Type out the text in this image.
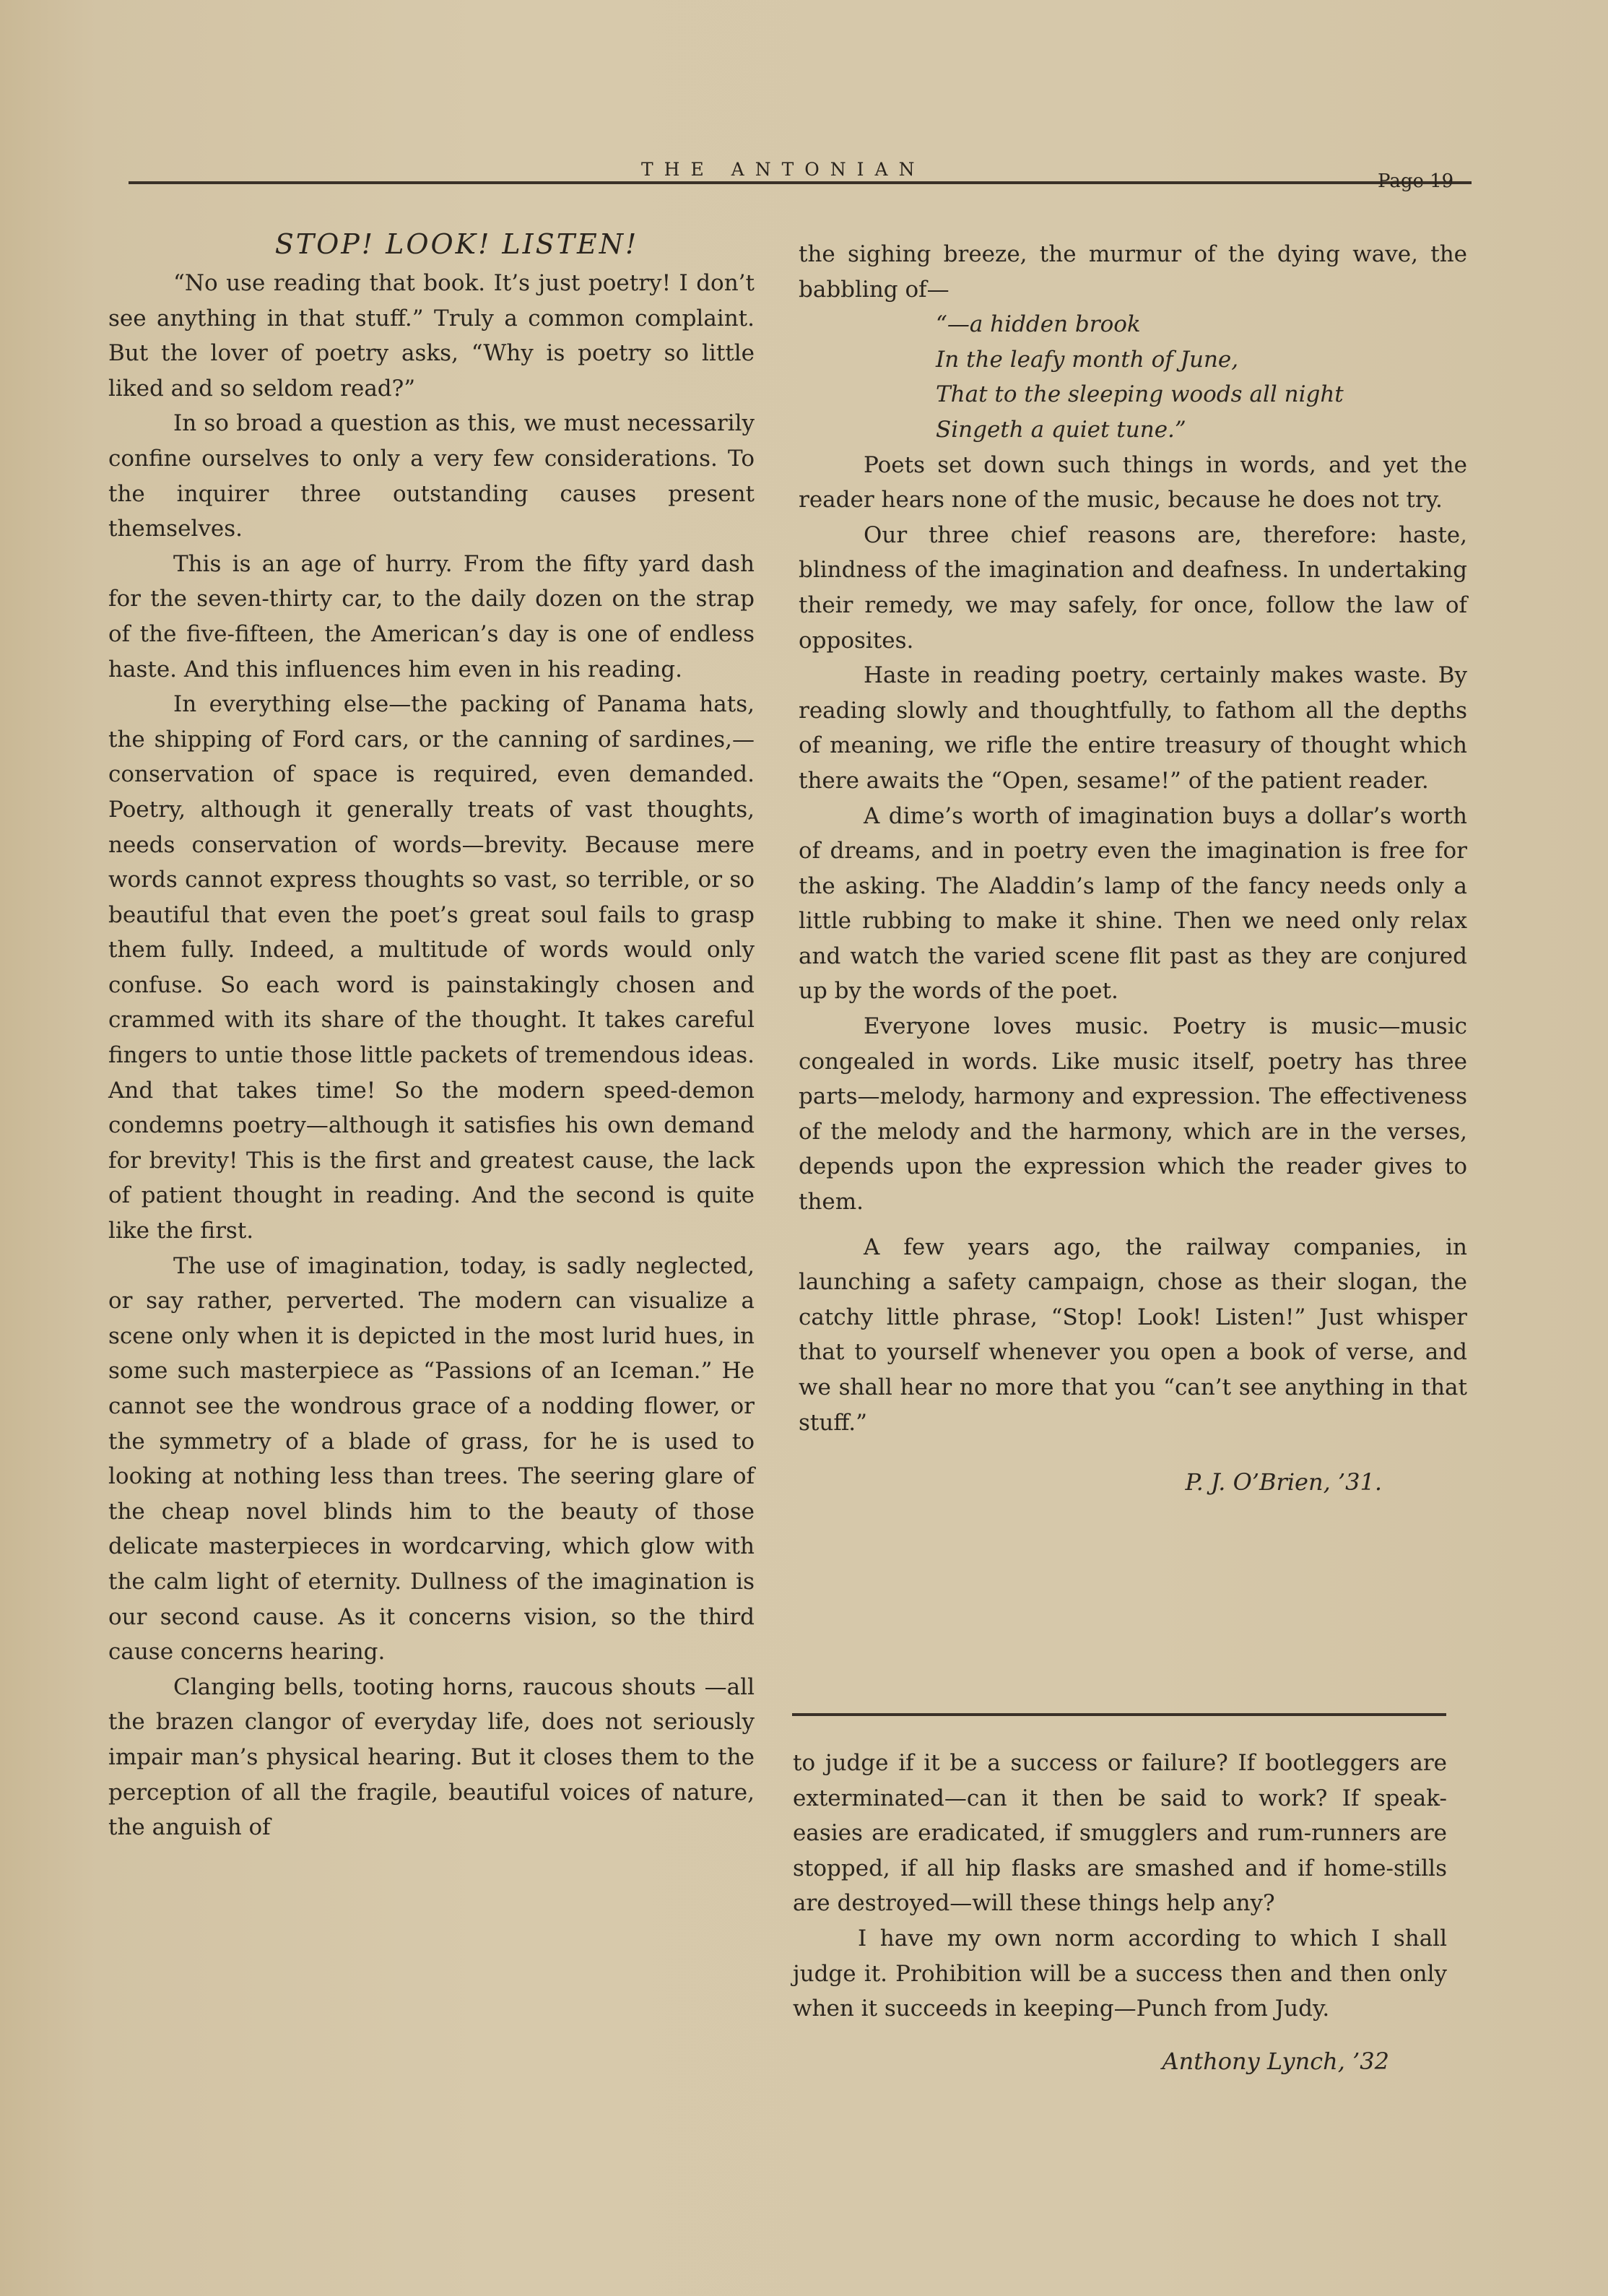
THE ANTONIAN
Page 19
STOP! LOOK! LISTEN!

“No use reading that book. It’s just poetry! I don’t see anything in that stuff.” Truly a common complaint. But the lover of poetry asks, “Why is poetry so little liked and so seldom read?”

In so broad a question as this, we must necessarily confine ourselves to only a very few considerations. To the inquirer three outstanding causes present themselves.

This is an age of hurry. From the fifty yard dash for the seven-thirty car, to the daily dozen on the strap of the five-fifteen, the American’s day is one of endless haste. And this influences him even in his reading.

In everything else—the packing of Panama hats, the shipping of Ford cars, or the canning of sardines,—conservation of space is required, even demanded. Poetry, although it generally treats of vast thoughts, needs conservation of words—brevity. Because mere words cannot express thoughts so vast, so terrible, or so beautiful that even the poet’s great soul fails to grasp them fully. Indeed, a multitude of words would only confuse. So each word is painstakingly chosen and crammed with its share of the thought. It takes careful fingers to untie those little packets of tremendous ideas. And that takes time! So the modern speed-demon condemns poetry—although it satisfies his own demand for brevity! This is the first and greatest cause, the lack of patient thought in reading. And the second is quite like the first.

The use of imagination, today, is sadly neglected, or say rather, perverted. The modern can visualize a scene only when it is depicted in the most lurid hues, in some such masterpiece as “Passions of an Iceman.” He cannot see the wondrous grace of a nodding flower, or the symmetry of a blade of grass, for he is used to looking at nothing less than trees. The seering glare of the cheap novel blinds him to the beauty of those delicate masterpieces in wordcarving, which glow with the calm light of eternity. Dullness of the imagination is our second cause. As it concerns vision, so the third cause concerns hearing.

Clanging bells, tooting horns, raucous shouts —all the brazen clangor of everyday life, does not seriously impair man’s physical hearing. But it closes them to the perception of all the fragile, beautiful voices of nature, the anguish of

the sighing breeze, the murmur of the dying wave, the babbling of—

“—a hidden brook
In the leafy month of June,
That to the sleeping woods all night
Singeth a quiet tune.”

Poets set down such things in words, and yet the reader hears none of the music, because he does not try.

Our three chief reasons are, therefore: haste, blindness of the imagination and deafness. In undertaking their remedy, we may safely, for once, follow the law of opposites.

Haste in reading poetry, certainly makes waste. By reading slowly and thoughtfully, to fathom all the depths of meaning, we rifle the entire treasury of thought which there awaits the “Open, sesame!” of the patient reader.

A dime’s worth of imagination buys a dollar’s worth of dreams, and in poetry even the imagination is free for the asking. The Aladdin’s lamp of the fancy needs only a little rubbing to make it shine. Then we need only relax and watch the varied scene flit past as they are conjured up by the words of the poet.

Everyone loves music. Poetry is music—music congealed in words. Like music itself, poetry has three parts—melody, harmony and expression. The effectiveness of the melody and the harmony, which are in the verses, depends upon the expression which the reader gives to them.

A few years ago, the railway companies, in launching a safety campaign, chose as their slogan, the catchy little phrase, “Stop! Look! Listen!” Just whisper that to yourself whenever you open a book of verse, and we shall hear no more that you “can’t see anything in that stuff.”

P. J. O’Brien, ’31.

to judge if it be a success or failure? If bootleggers are exterminated—can it then be said to work? If speak-easies are eradicated, if smugglers and rum-runners are stopped, if all hip flasks are smashed and if home-stills are destroyed—will these things help any?

I have my own norm according to which I shall judge it. Prohibition will be a success then and then only when it succeeds in keeping—Punch from Judy.

Anthony Lynch, ’32
